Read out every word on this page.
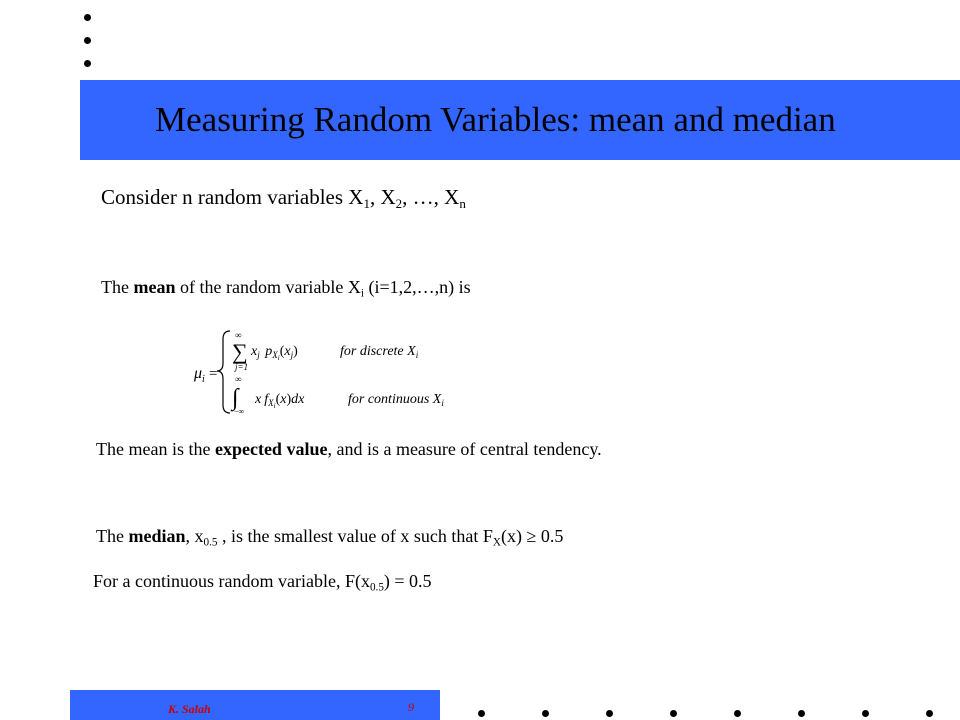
Measuring Random Variables: mean and median
Consider n random variables $X_1$, $X_2$, …, $X_n$
The mean of the random variable $X_i$ (i=1,2,…,n) is
μ i =
∞
∑
j=1
$x_j$ $p_Xi(x_j)$	for discrete $X_i$
∞
∫
−∞
x $f_Xi(x)dx$	for continuous $X_i$
The mean is the expected value, and is a measure of central tendency.
The median, $x_{0.5}$ , is the smallest value of x such that $F_X(x) \ge 0.5$
For a continuous random variable, $F(x_{0.5}) = 0.5$
K. Salah	9
